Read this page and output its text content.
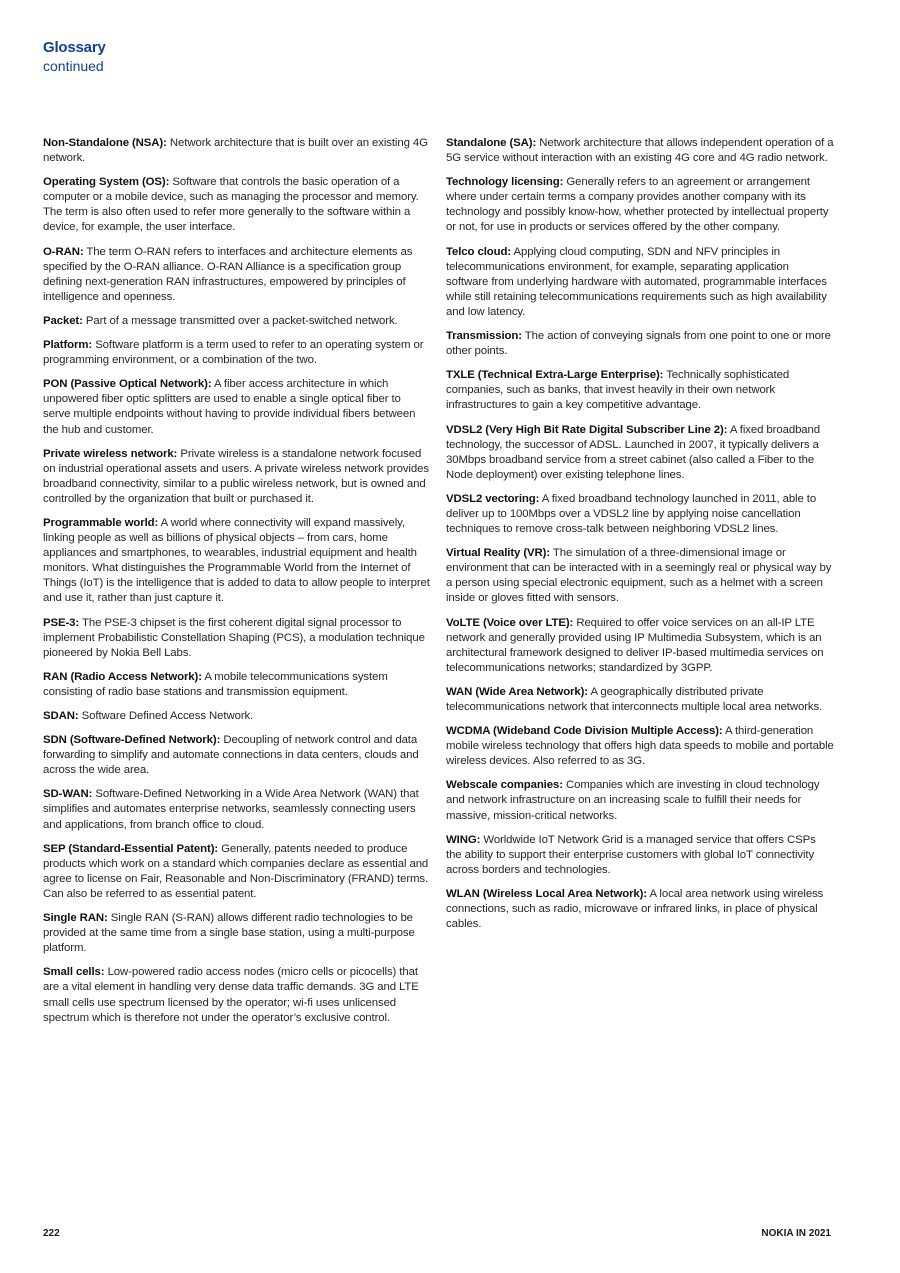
Glossary
continued

Non-Standalone (NSA): Network architecture that is built over an existing 4G network.

Operating System (OS): Software that controls the basic operation of a computer or a mobile device, such as managing the processor and memory. The term is also often used to refer more generally to the software within a device, for example, the user interface.

O-RAN: The term O-RAN refers to interfaces and architecture elements as specified by the O-RAN alliance. O-RAN Alliance is a specification group defining next-generation RAN infrastructures, empowered by principles of intelligence and openness.

Packet: Part of a message transmitted over a packet-switched network.

Platform: Software platform is a term used to refer to an operating system or programming environment, or a combination of the two.

PON (Passive Optical Network): A fiber access architecture in which unpowered fiber optic splitters are used to enable a single optical fiber to serve multiple endpoints without having to provide individual fibers between the hub and customer.

Private wireless network: Private wireless is a standalone network focused on industrial operational assets and users. A private wireless network provides broadband connectivity, similar to a public wireless network, but is owned and controlled by the organization that built or purchased it.

Programmable world: A world where connectivity will expand massively, linking people as well as billions of physical objects – from cars, home appliances and smartphones, to wearables, industrial equipment and health monitors. What distinguishes the Programmable World from the Internet of Things (IoT) is the intelligence that is added to data to allow people to interpret and use it, rather than just capture it.

PSE-3: The PSE-3 chipset is the first coherent digital signal processor to implement Probabilistic Constellation Shaping (PCS), a modulation technique pioneered by Nokia Bell Labs.

RAN (Radio Access Network): A mobile telecommunications system consisting of radio base stations and transmission equipment.

SDAN: Software Defined Access Network.

SDN (Software-Defined Network): Decoupling of network control and data forwarding to simplify and automate connections in data centers, clouds and across the wide area.

SD-WAN: Software-Defined Networking in a Wide Area Network (WAN) that simplifies and automates enterprise networks, seamlessly connecting users and applications, from branch office to cloud.

SEP (Standard-Essential Patent): Generally, patents needed to produce products which work on a standard which companies declare as essential and agree to license on Fair, Reasonable and Non-Discriminatory (FRAND) terms. Can also be referred to as essential patent.

Single RAN: Single RAN (S-RAN) allows different radio technologies to be provided at the same time from a single base station, using a multi-purpose platform.

Small cells: Low-powered radio access nodes (micro cells or picocells) that are a vital element in handling very dense data traffic demands. 3G and LTE small cells use spectrum licensed by the operator; wi-fi uses unlicensed spectrum which is therefore not under the operator’s exclusive control.

Standalone (SA): Network architecture that allows independent operation of a 5G service without interaction with an existing 4G core and 4G radio network.

Technology licensing: Generally refers to an agreement or arrangement where under certain terms a company provides another company with its technology and possibly know-how, whether protected by intellectual property or not, for use in products or services offered by the other company.

Telco cloud: Applying cloud computing, SDN and NFV principles in telecommunications environment, for example, separating application software from underlying hardware with automated, programmable interfaces while still retaining telecommunications requirements such as high availability and low latency.

Transmission: The action of conveying signals from one point to one or more other points.

TXLE (Technical Extra-Large Enterprise): Technically sophisticated companies, such as banks, that invest heavily in their own network infrastructures to gain a key competitive advantage.

VDSL2 (Very High Bit Rate Digital Subscriber Line 2): A fixed broadband technology, the successor of ADSL. Launched in 2007, it typically delivers a 30Mbps broadband service from a street cabinet (also called a Fiber to the Node deployment) over existing telephone lines.

VDSL2 vectoring: A fixed broadband technology launched in 2011, able to deliver up to 100Mbps over a VDSL2 line by applying noise cancellation techniques to remove cross-talk between neighboring VDSL2 lines.

Virtual Reality (VR): The simulation of a three-dimensional image or environment that can be interacted with in a seemingly real or physical way by a person using special electronic equipment, such as a helmet with a screen inside or gloves fitted with sensors.

VoLTE (Voice over LTE): Required to offer voice services on an all-IP LTE network and generally provided using IP Multimedia Subsystem, which is an architectural framework designed to deliver IP-based multimedia services on telecommunications networks; standardized by 3GPP.

WAN (Wide Area Network): A geographically distributed private telecommunications network that interconnects multiple local area networks.

WCDMA (Wideband Code Division Multiple Access): A third-generation mobile wireless technology that offers high data speeds to mobile and portable wireless devices. Also referred to as 3G.

Webscale companies: Companies which are investing in cloud technology and network infrastructure on an increasing scale to fulfill their needs for massive, mission-critical networks.

WING: Worldwide IoT Network Grid is a managed service that offers CSPs the ability to support their enterprise customers with global IoT connectivity across borders and technologies.

WLAN (Wireless Local Area Network): A local area network using wireless connections, such as radio, microwave or infrared links, in place of physical cables.

222	NOKIA IN 2021
